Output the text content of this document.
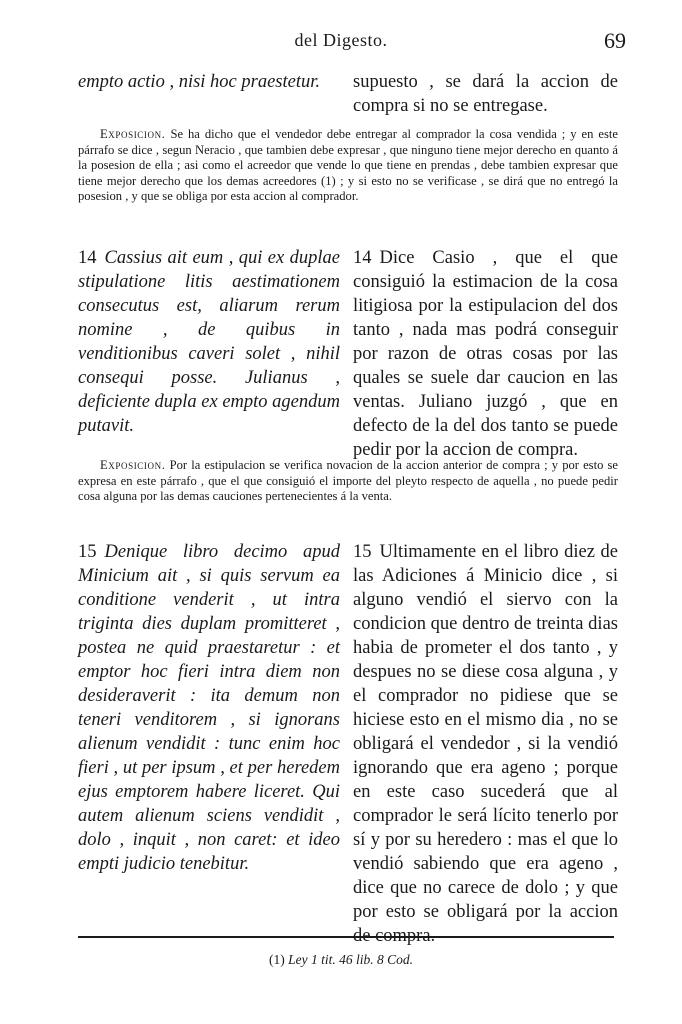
del Digesto.	69
empto actio , nisi hoc praestetur.	supuesto , se dará la accion de compra si no se entregase.
Exposicion. Se ha dicho que el vendedor debe entregar al comprador la cosa vendida ; y en este párrafo se dice , segun Neracio , que tambien debe expresar , que ninguno tiene mejor derecho en quanto á la posesion de ella ; asi como el acreedor que vende lo que tiene en prendas , debe tambien expresar que tiene mejor derecho que los demas acreedores (1) ; y si esto no se verificase , se dirá que no entregó la posesion , y que se obliga por esta accion al comprador.
14 Cassius ait eum , qui ex duplae stipulatione litis aestimationem consecutus est, aliarum rerum nomine , de quibus in venditionibus caveri solet , nihil consequi posse. Julianus , deficiente dupla ex empto agendum putavit.
14 Dice Casio , que el que consiguió la estimacion de la cosa litigiosa por la estipulacion del dos tanto , nada mas podrá conseguir por razon de otras cosas por las quales se suele dar caucion en las ventas. Juliano juzgó , que en defecto de la del dos tanto se puede pedir por la accion de compra.
Exposicion. Por la estipulacion se verifica novacion de la accion anterior de compra ; y por esto se expresa en este párrafo , que el que consiguió el importe del pleyto respecto de aquella , no puede pedir cosa alguna por las demas cauciones pertenecientes á la venta.
15 Denique libro decimo apud Minicium ait , si quis servum ea conditione venderit , ut intra triginta dies duplam promitteret , postea ne quid praestaretur : et emptor hoc fieri intra diem non desideraverit : ita demum non teneri venditorem , si ignorans alienum vendidit : tunc enim hoc fieri , ut per ipsum , et per heredem ejus emptorem habere liceret. Qui autem alienum sciens vendidit , dolo , inquit , non caret: et ideo empti judicio tenebitur.
15 Ultimamente en el libro diez de las Adiciones á Minicio dice , si alguno vendió el siervo con la condicion que dentro de treinta dias habia de prometer el dos tanto , y despues no se diese cosa alguna , y el comprador no pidiese que se hiciese esto en el mismo dia , no se obligará el vendedor , si la vendió ignorando que era ageno ; porque en este caso sucederá que al comprador le será lícito tenerlo por sí y por su heredero : mas el que lo vendió sabiendo que era ageno , dice que no carece de dolo ; y que por esto se obligará por la accion de compra.
(1) Ley 1 tit. 46 lib. 8 Cod.
